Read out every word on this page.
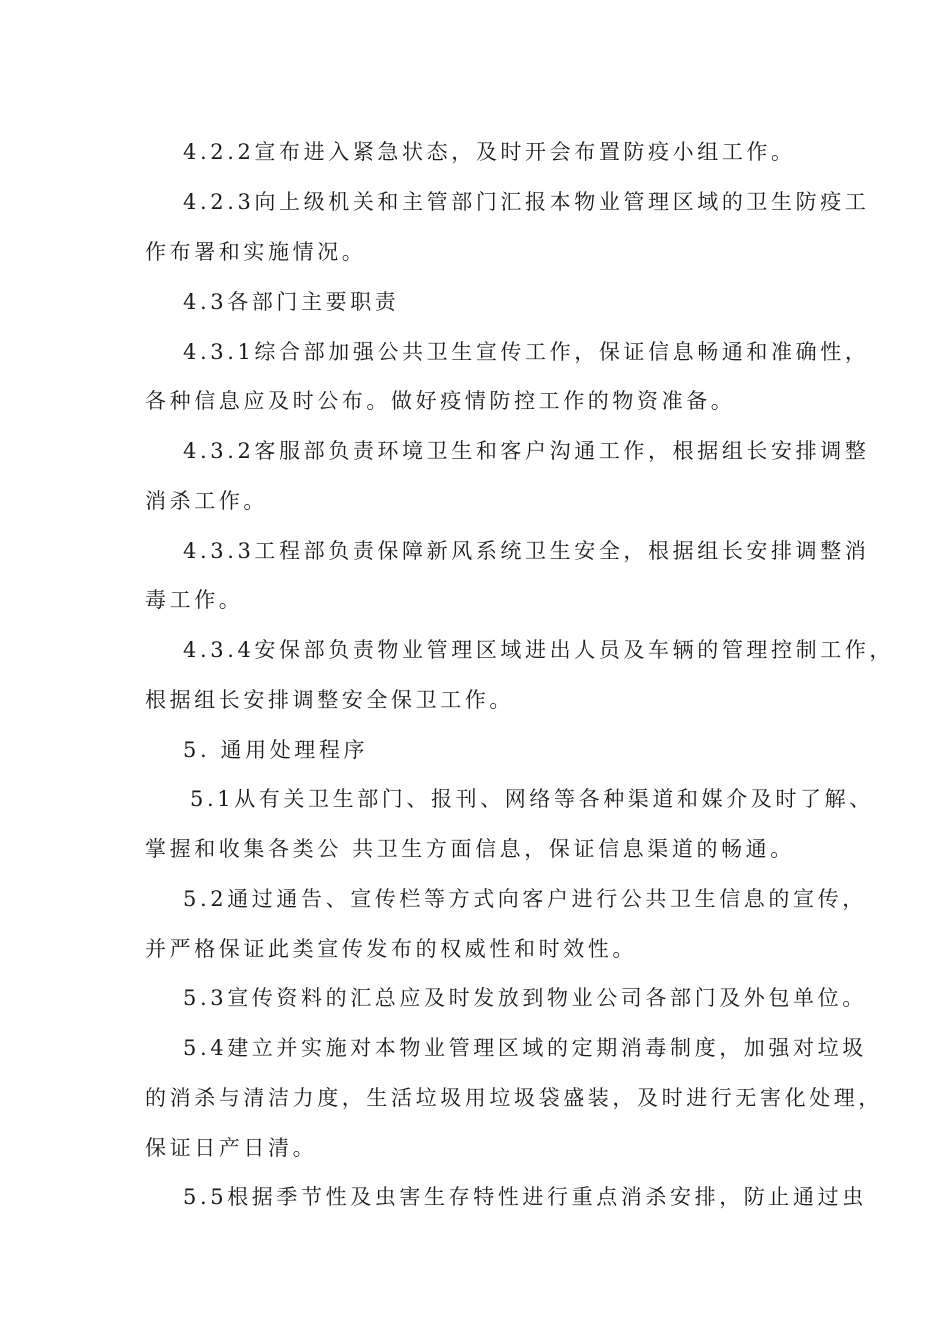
4.2.2宣布进入紧急状态，及时开会布置防疫小组工作。
4.2.3向上级机关和主管部门汇报本物业管理区域的卫生防疫工
作布署和实施情况。
4.3各部门主要职责
4.3.1综合部加强公共卫生宣传工作，保证信息畅通和准确性，
各种信息应及时公布。做好疫情防控工作的物资准备。
4.3.2客服部负责环境卫生和客户沟通工作，根据组长安排调整
消杀工作。
4.3.3工程部负责保障新风系统卫生安全，根据组长安排调整消
毒工作。
4.3.4安保部负责物业管理区域进出人员及车辆的管理控制工作，
根据组长安排调整安全保卫工作。
5. 通用处理程序
5.1从有关卫生部门、报刊、网络等各种渠道和媒介及时了解、
掌握和收集各类公 共卫生方面信息，保证信息渠道的畅通。
5.2通过通告、宣传栏等方式向客户进行公共卫生信息的宣传，
并严格保证此类宣传发布的权威性和时效性。
5.3宣传资料的汇总应及时发放到物业公司各部门及外包单位。
5.4建立并实施对本物业管理区域的定期消毒制度，加强对垃圾
的消杀与清洁力度，生活垃圾用垃圾袋盛装，及时进行无害化处理，
保证日产日清。
5.5根据季节性及虫害生存特性进行重点消杀安排，防止通过虫
